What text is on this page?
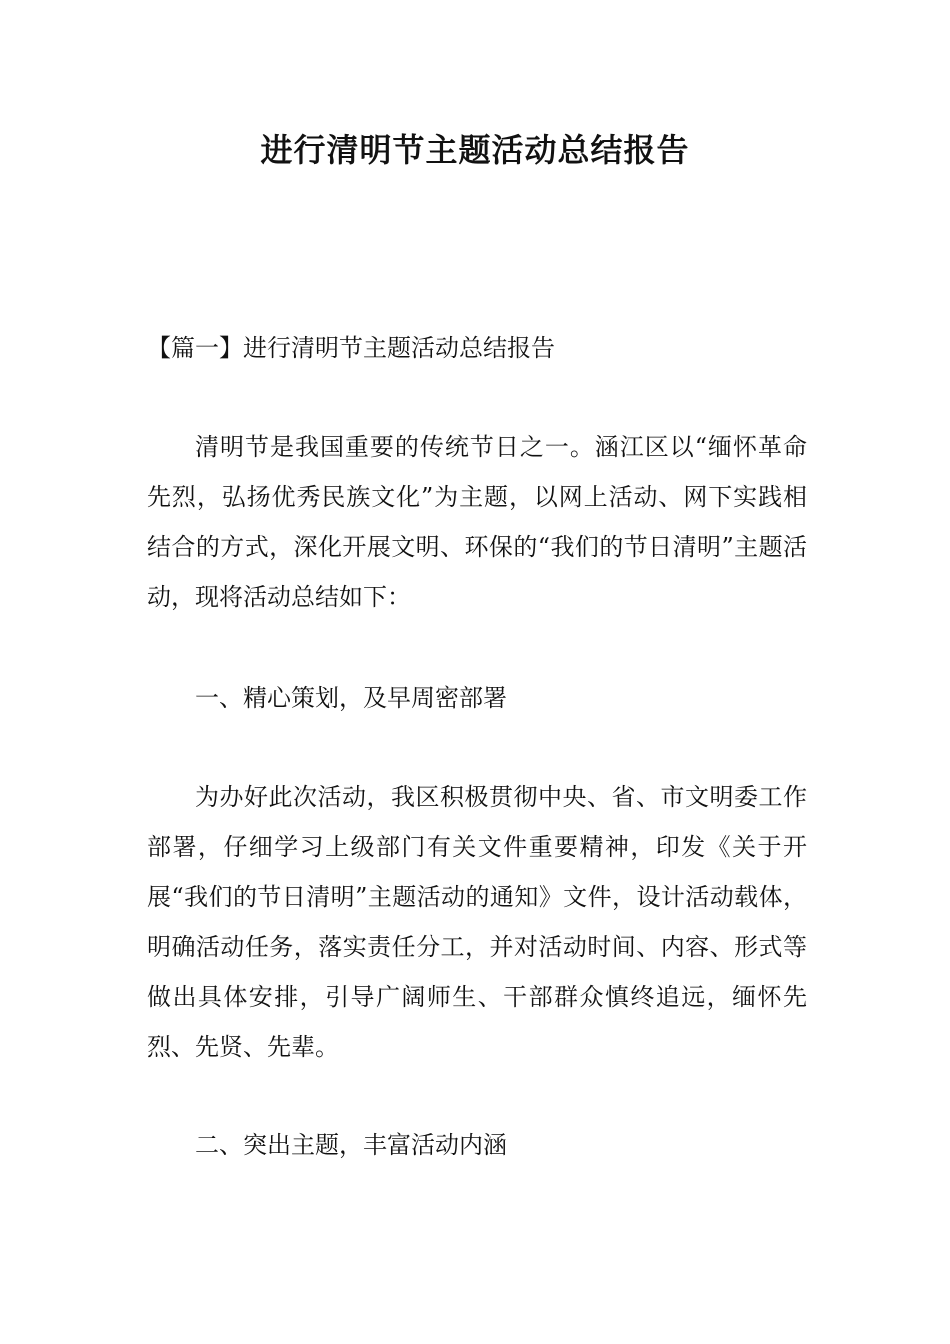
进行清明节主题活动总结报告

【篇一】进行清明节主题活动总结报告

清明节是我国重要的传统节日之一。涵江区以“缅怀革命先烈，弘扬优秀民族文化”为主题，以网上活动、网下实践相结合的方式，深化开展文明、环保的“我们的节日清明”主题活动，现将活动总结如下：

一、精心策划，及早周密部署

为办好此次活动，我区积极贯彻中央、省、市文明委工作部署，仔细学习上级部门有关文件重要精神，印发《关于开展“我们的节日清明”主题活动的通知》文件，设计活动载体，明确活动任务，落实责任分工，并对活动时间、内容、形式等做出具体安排，引导广阔师生、干部群众慎终追远，缅怀先烈、先贤、先辈。

二、突出主题，丰富活动内涵
